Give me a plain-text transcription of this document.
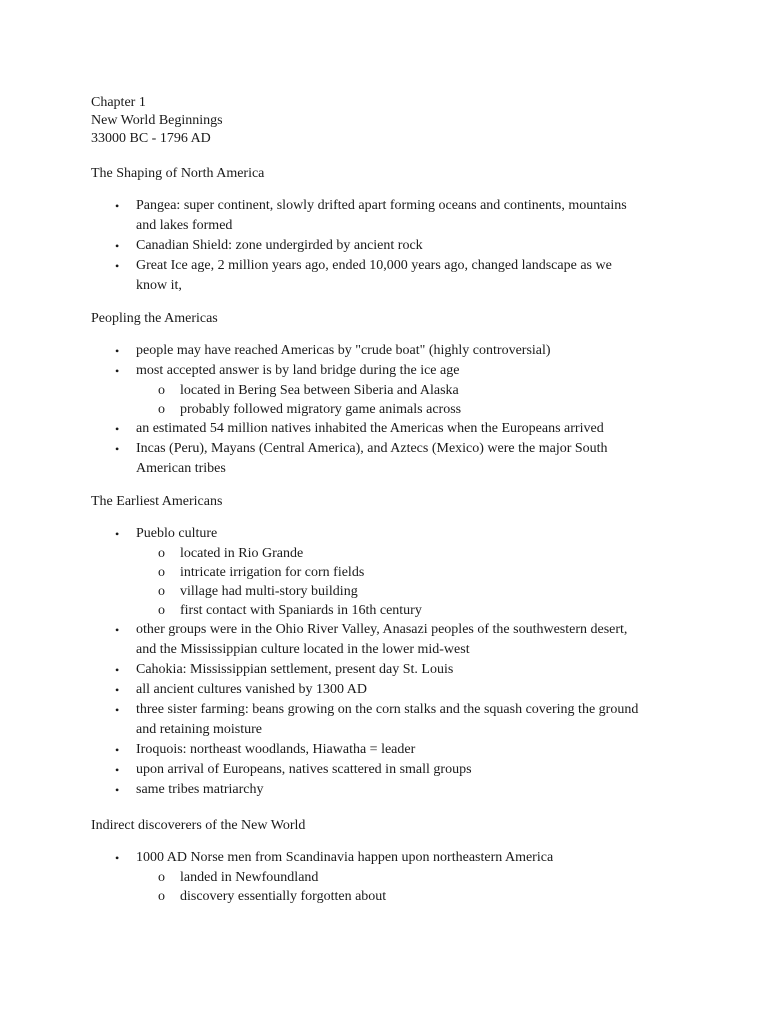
Chapter 1
New World Beginnings
33000 BC - 1796 AD
The Shaping of North America
• Pangea: super continent, slowly drifted apart forming oceans and continents, mountains
and lakes formed
• Canadian Shield: zone undergirded by ancient rock
• Great Ice age, 2 million years ago, ended 10,000 years ago, changed landscape as we
know it,
Peopling the Americas
• people may have reached Americas by "crude boat" (highly controversial)
• most accepted answer is by land bridge during the ice age
o located in Bering Sea between Siberia and Alaska
o probably followed migratory game animals across
• an estimated 54 million natives inhabited the Americas when the Europeans arrived
• Incas (Peru), Mayans (Central America), and Aztecs (Mexico) were the major South
American tribes
The Earliest Americans
• Pueblo culture
o located in Rio Grande
o intricate irrigation for corn fields
o village had multi-story building
o first contact with Spaniards in 16th century
• other groups were in the Ohio River Valley, Anasazi peoples of the southwestern desert,
and the Mississippian culture located in the lower mid-west
• Cahokia: Mississippian settlement, present day St. Louis
• all ancient cultures vanished by 1300 AD
• three sister farming: beans growing on the corn stalks and the squash covering the ground
and retaining moisture
• Iroquois: northeast woodlands, Hiawatha = leader
• upon arrival of Europeans, natives scattered in small groups
• same tribes matriarchy
Indirect discoverers of the New World
• 1000 AD Norse men from Scandinavia happen upon northeastern America
o landed in Newfoundland
o discovery essentially forgotten about
